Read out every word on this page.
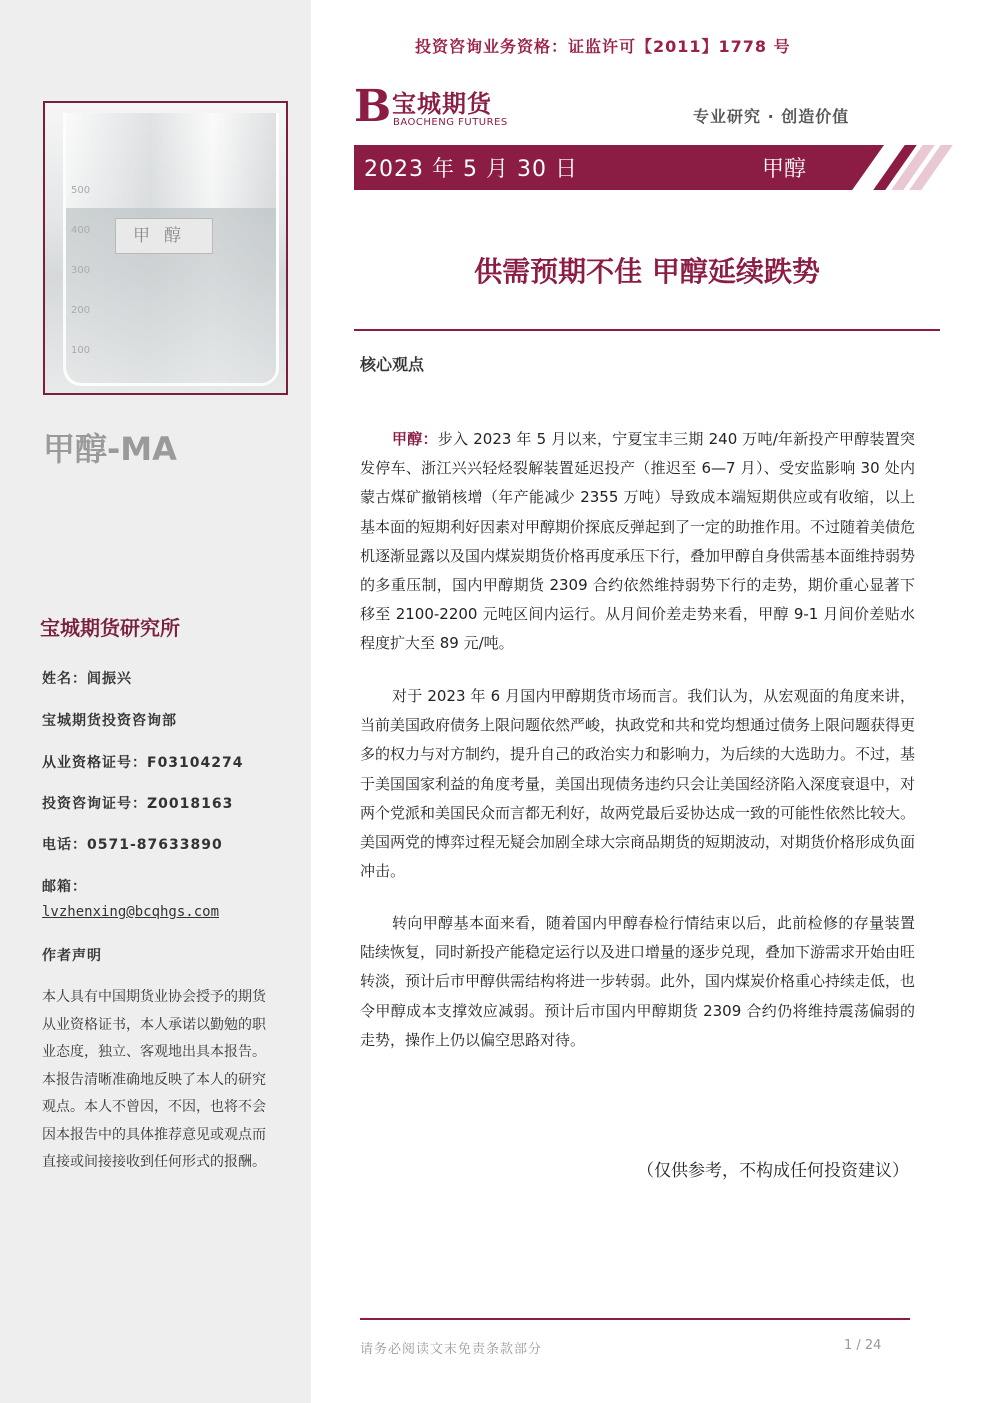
500
400
300
200
100
甲醇
甲醇-MA
宝城期货研究所
姓名：闾振兴
宝城期货投资咨询部
从业资格证号：F03104274
投资咨询证号：Z0018163
电话：0571-87633890
邮箱：
lvzhenxing@bcqhgs.com
作者声明
本人具有中国期货业协会授予的期货从业资格证书，本人承诺以勤勉的职业态度，独立、客观地出具本报告。本报告清晰准确地反映了本人的研究观点。本人不曾因，不因，也将不会因本报告中的具体推荐意见或观点而直接或间接接收到任何形式的报酬。
投资咨询业务资格：证监许可【2011】1778 号
B 宝城期货
BAOCHENG FUTURES	专业研究 · 创造价值
2023 年 5 月 30 日	甲醇
供需预期不佳 甲醇延续跌势
核心观点

甲醇：步入 2023 年 5 月以来，宁夏宝丰三期 240 万吨/年新投产甲醇装置突发停车、浙江兴兴轻烃裂解装置延迟投产（推迟至 6—7 月）、受安监影响 30 处内蒙古煤矿撤销核增（年产能减少 2355 万吨）导致成本端短期供应或有收缩，以上基本面的短期利好因素对甲醇期价探底反弹起到了一定的助推作用。不过随着美债危机逐渐显露以及国内煤炭期货价格再度承压下行，叠加甲醇自身供需基本面维持弱势的多重压制，国内甲醇期货 2309 合约依然维持弱势下行的走势，期价重心显著下移至 2100-2200 元吨区间内运行。从月间价差走势来看，甲醇 9-1 月间价差贴水程度扩大至 89 元/吨。

对于 2023 年 6 月国内甲醇期货市场而言。我们认为，从宏观面的角度来讲，当前美国政府债务上限问题依然严峻，执政党和共和党均想通过债务上限问题获得更多的权力与对方制约，提升自己的政治实力和影响力，为后续的大选助力。不过，基于美国国家利益的角度考量，美国出现债务违约只会让美国经济陷入深度衰退中，对两个党派和美国民众而言都无利好，故两党最后妥协达成一致的可能性依然比较大。美国两党的博弈过程无疑会加剧全球大宗商品期货的短期波动，对期货价格形成负面冲击。

转向甲醇基本面来看，随着国内甲醇春检行情结束以后，此前检修的存量装置陆续恢复，同时新投产能稳定运行以及进口增量的逐步兑现，叠加下游需求开始由旺转淡，预计后市甲醇供需结构将进一步转弱。此外，国内煤炭价格重心持续走低，也令甲醇成本支撑效应减弱。预计后市国内甲醇期货 2309 合约仍将维持震荡偏弱的走势，操作上仍以偏空思路对待。

（仅供参考，不构成任何投资建议）
请务必阅读文末免责条款部分	1 / 24
